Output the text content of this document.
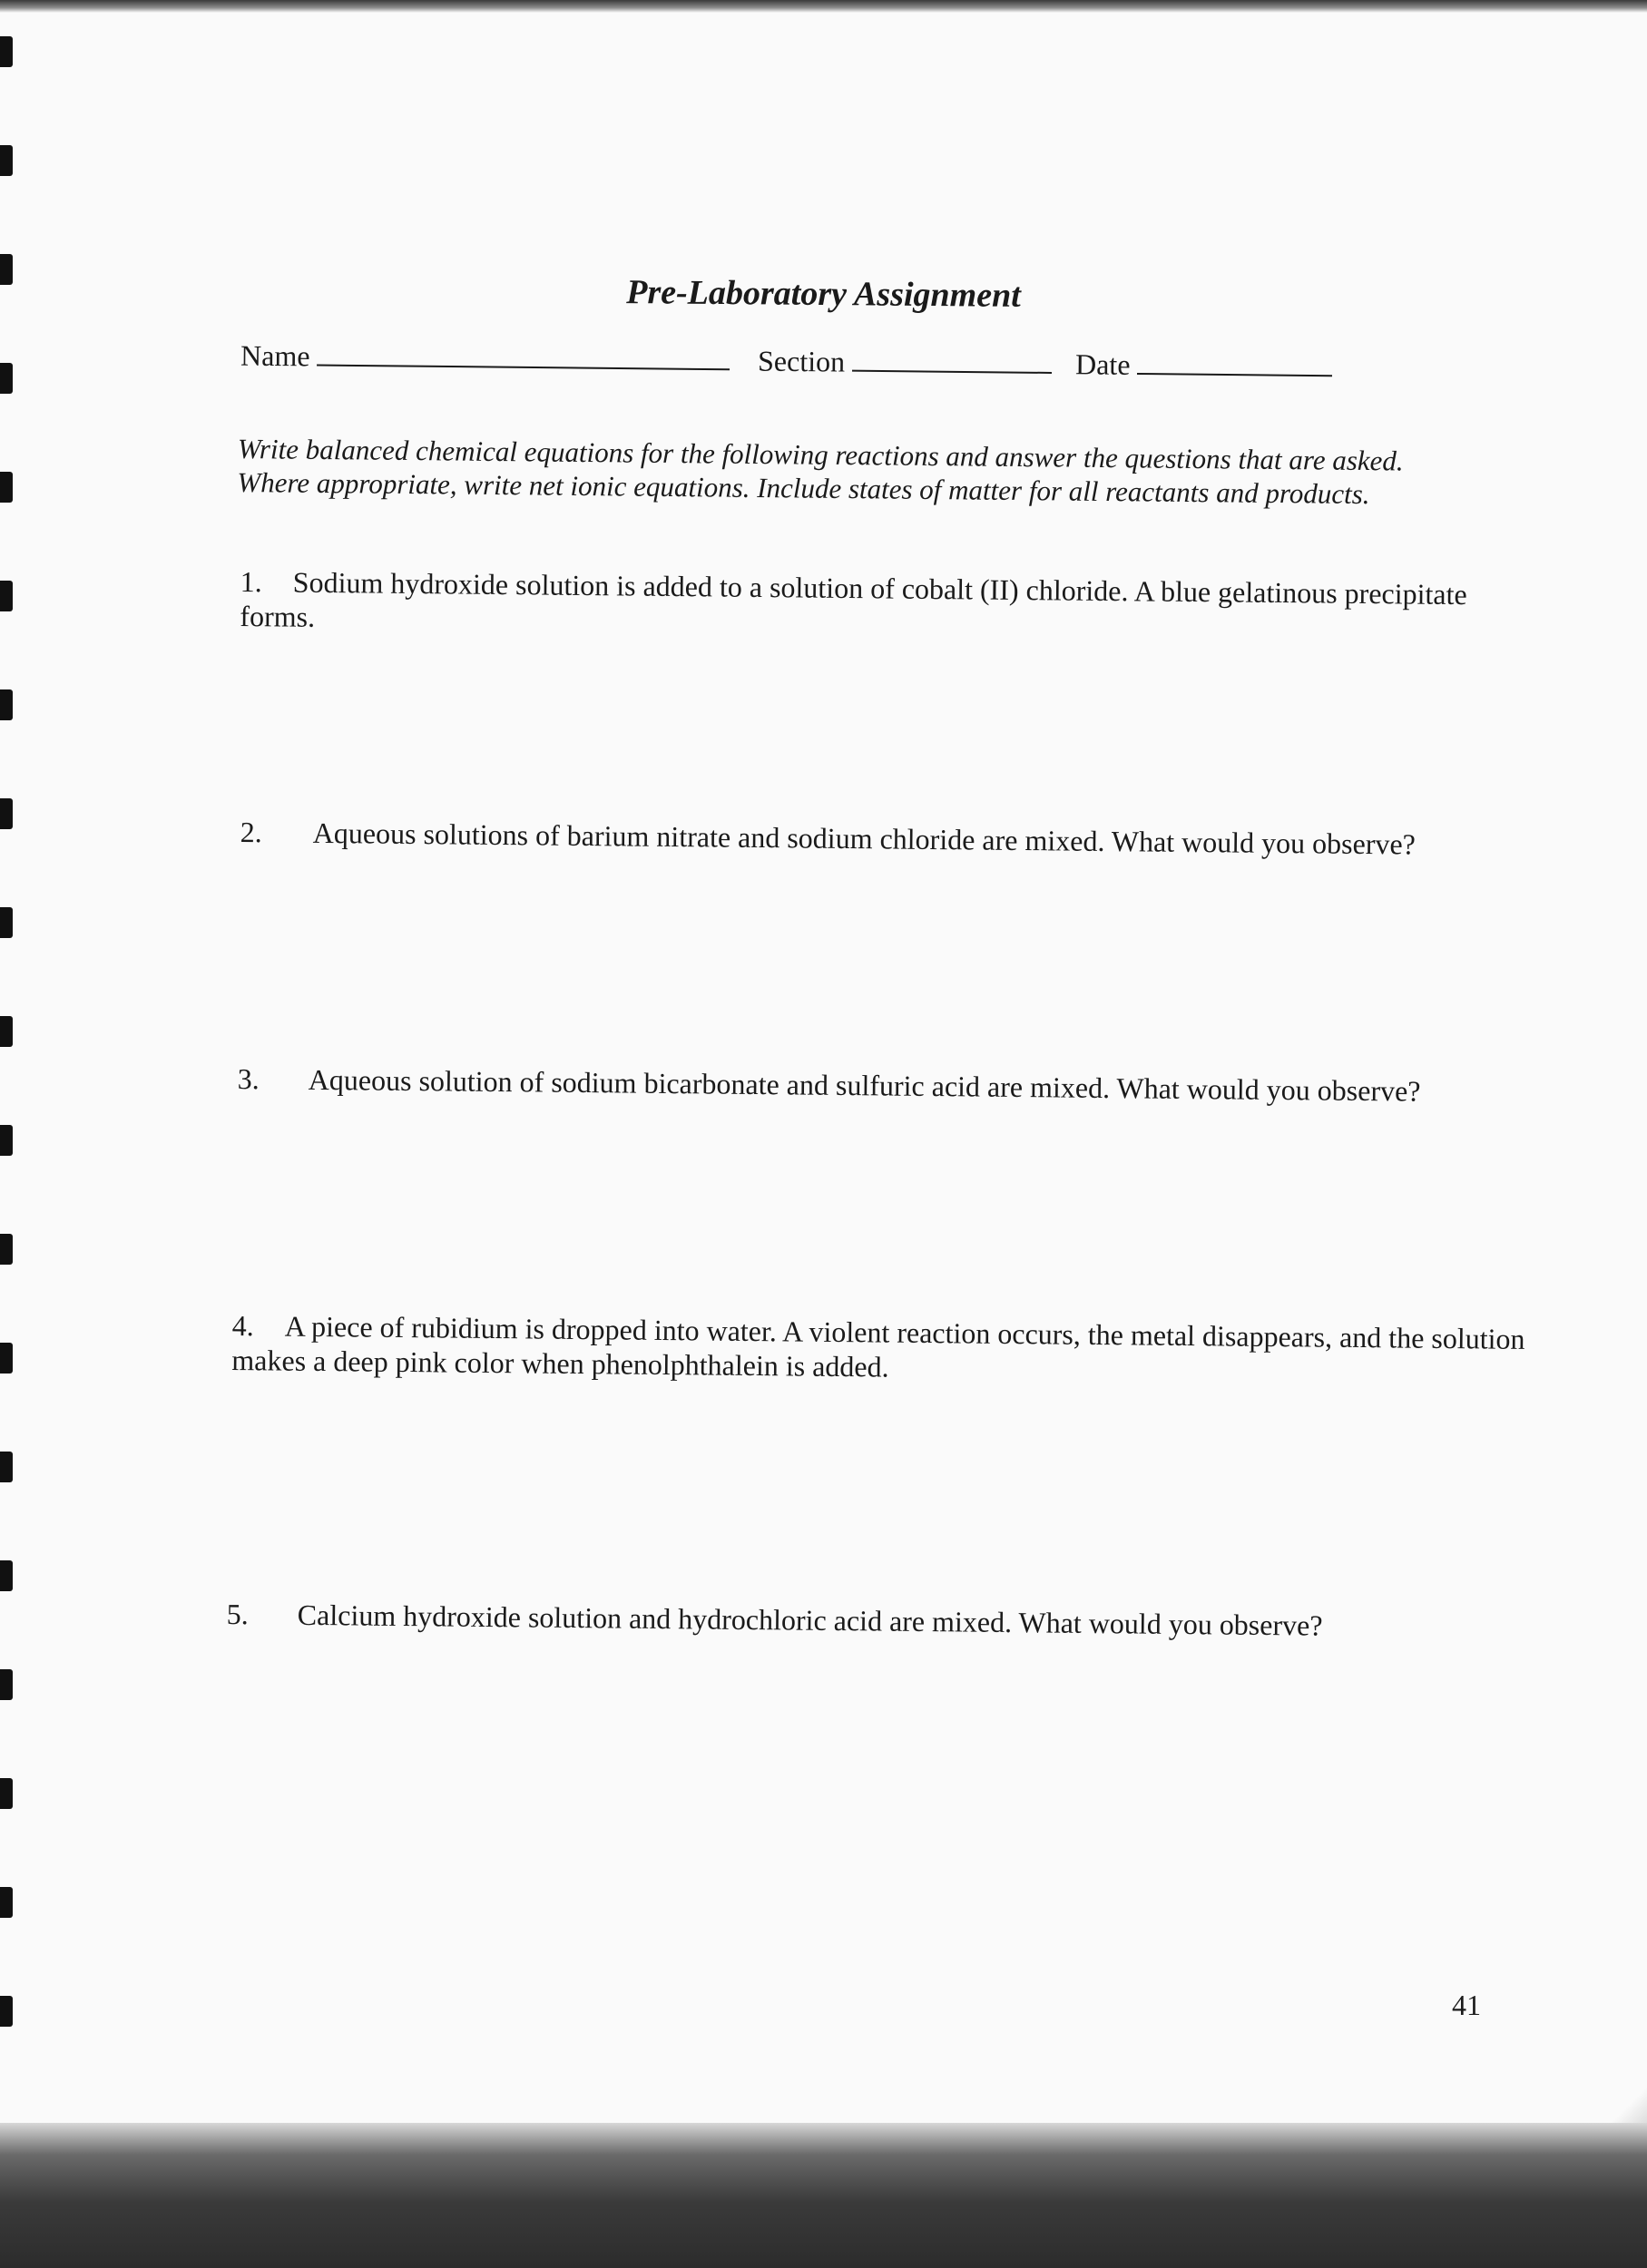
Pre-Laboratory Assignment
Name	Section	Date

Write balanced chemical equations for the following reactions and answer the questions that are asked. Where appropriate, write net ionic equations. Include states of matter for all reactants and products.

1. Sodium hydroxide solution is added to a solution of cobalt (II) chloride. A blue gelatinous precipitate forms.
2. Aqueous solutions of barium nitrate and sodium chloride are mixed. What would you observe?
3. Aqueous solution of sodium bicarbonate and sulfuric acid are mixed. What would you observe?
4. A piece of rubidium is dropped into water. A violent reaction occurs, the metal disappears, and the solution makes a deep pink color when phenolphthalein is added.
5. Calcium hydroxide solution and hydrochloric acid are mixed. What would you observe?
41
